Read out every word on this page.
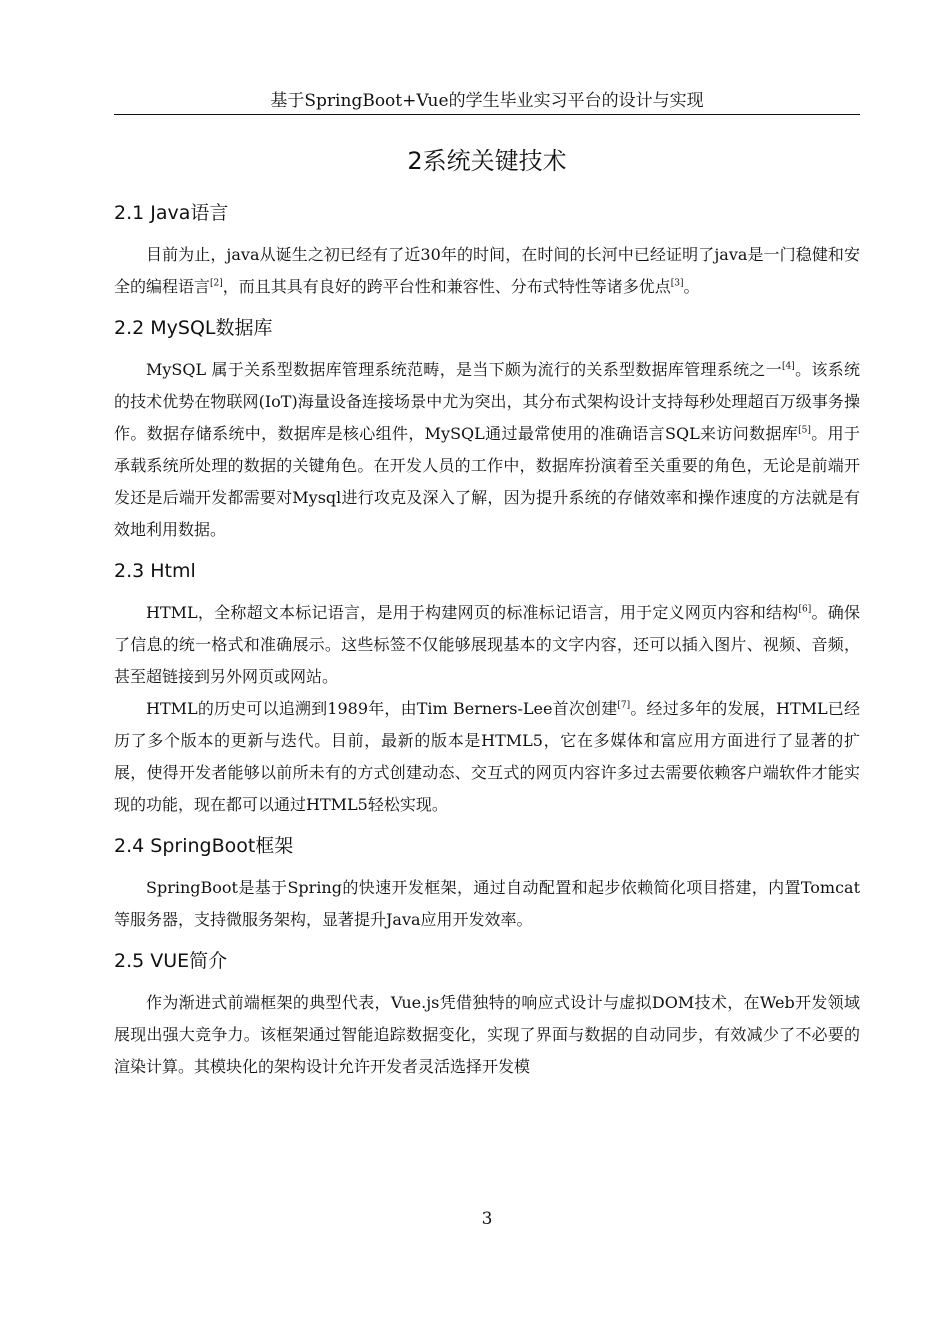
基于SpringBoot+Vue的学生毕业实习平台的设计与实现
2系统关键技术
2.1 Java语言

目前为止，java从诞生之初已经有了近30年的时间，在时间的长河中已经证明了java是一门稳健和安全的编程语言[2]，而且其具有良好的跨平台性和兼容性、分布式特性等诸多优点[3]。

2.2 MySQL数据库

MySQL 属于关系型数据库管理系统范畴，是当下颇为流行的关系型数据库管理系统之一[4]。该系统的技术优势在物联网(IoT)海量设备连接场景中尤为突出，其分布式架构设计支持每秒处理超百万级事务操作。数据存储系统中，数据库是核心组件，MySQL通过最常使用的准确语言SQL来访问数据库[5]。用于承载系统所处理的数据的关键角色。在开发人员的工作中，数据库扮演着至关重要的角色，无论是前端开发还是后端开发都需要对Mysql进行攻克及深入了解，因为提升系统的存储效率和操作速度的方法就是有效地利用数据。

2.3 Html

HTML，全称超文本标记语言，是用于构建网页的标准标记语言，用于定义网页内容和结构[6]。确保了信息的统一格式和准确展示。这些标签不仅能够展现基本的文字内容，还可以插入图片、视频、音频，甚至超链接到另外网页或网站。

HTML的历史可以追溯到1989年，由Tim Berners-Lee首次创建[7]。经过多年的发展，HTML已经历了多个版本的更新与迭代。目前，最新的版本是HTML5，它在多媒体和富应用方面进行了显著的扩展，使得开发者能够以前所未有的方式创建动态、交互式的网页内容许多过去需要依赖客户端软件才能实现的功能，现在都可以通过HTML5轻松实现。

2.4 SpringBoot框架

SpringBoot是基于Spring的快速开发框架，通过自动配置和起步依赖简化项目搭建，内置Tomcat等服务器，支持微服务架构，显著提升Java应用开发效率。

2.5 VUE简介

作为渐进式前端框架的典型代表，Vue.js凭借独特的响应式设计与虚拟DOM技术，在Web开发领域展现出强大竞争力。该框架通过智能追踪数据变化，实现了界面与数据的自动同步，有效减少了不必要的渲染计算。其模块化的架构设计允许开发者灵活选择开发模

3
